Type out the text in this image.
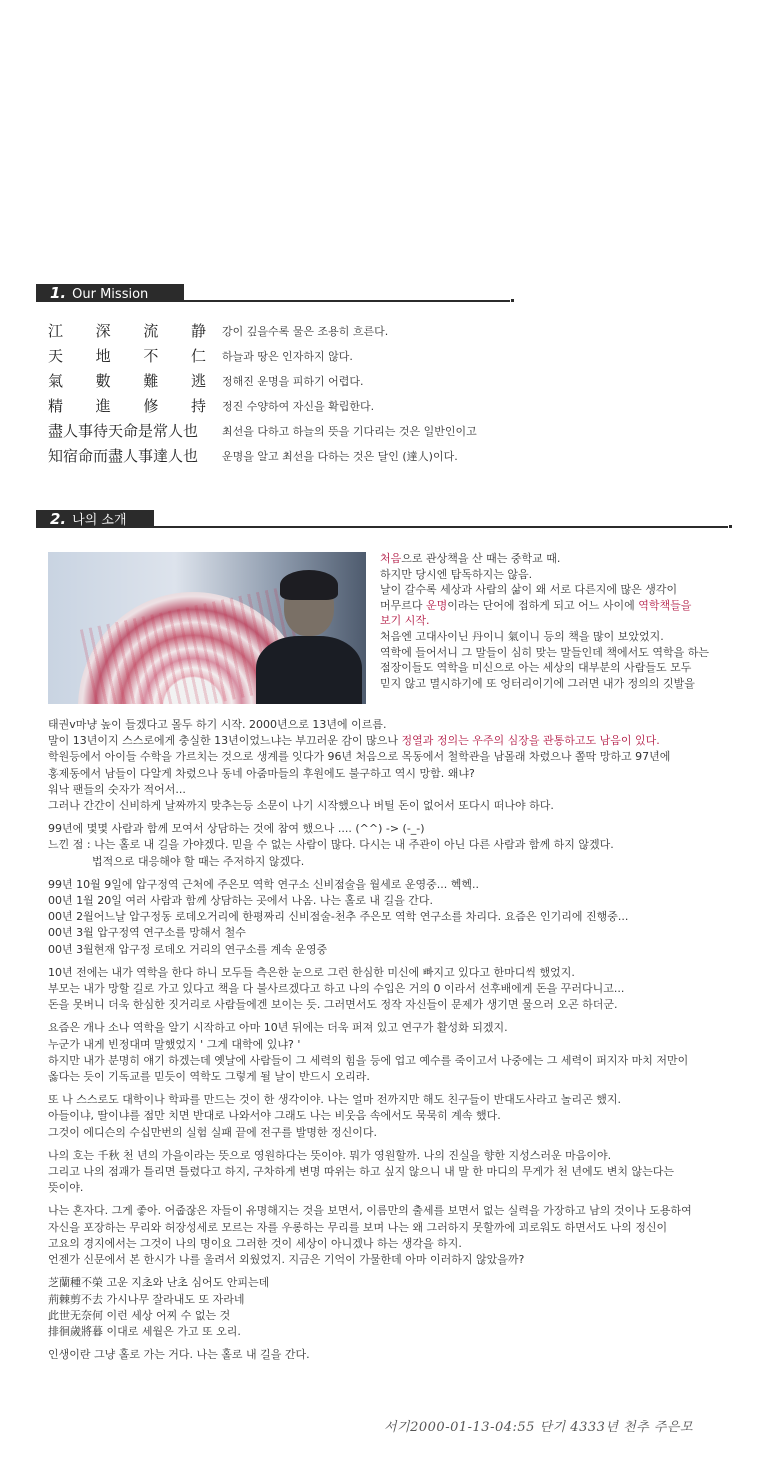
1. Our Mission
江 深 流 静 강이 깊을수록 물은 조용히 흐른다.
天 地 不 仁 하늘과 땅은 인자하지 않다.
氣 數 難 逃 정해진 운명을 피하기 어렵다.
精 進 修 持 정진 수양하여 자신을 확립한다.
盡人事待天命是常人也	최선을 다하고 하늘의 뜻을 기다리는 것은 일반인이고
知宿命而盡人事達人也	운명을 알고 최선을 다하는 것은 달인 (達人)이다.
2. 나의 소개

처음으로 관상책을 산 때는 중학교 때.

하지만 당시엔 탐독하지는 않음.

날이 갈수록 세상과 사람의 삶이 왜 서로 다른지에 많은 생각이

머무르다 운명이라는 단어에 접하게 되고 어느 사이에 역학책들을

보기 시작.

처음엔 고대사이닌 丹이니 氣이니 등의 책을 많이 보았었지.

역학에 들어서니 그 말들이 심히 맞는 말들인데 책에서도 역학을 하는

점장이들도 역학을 미신으로 아는 세상의 대부분의 사람들도 모두

믿지 않고 멸시하기에 또 엉터리이기에 그러면 내가 정의의 깃발을

태권v마냥 높이 들겠다고 몰두 하기 시작. 2000년으로 13년에 이르름.
말이 13년이지 스스로에게 충실한 13년이었느냐는 부끄러운 감이 많으나 정열과 정의는 우주의 심장을 관통하고도 남음이 있다.
학원등에서 아이들 수학을 가르치는 것으로 생계를 잇다가 96년 처음으로 목동에서 철학관을 남몰래 차렸으나 쫄딱 망하고 97년에
홍제동에서 남들이 다알게 차렸으나 동네 아줌마들의 후원에도 불구하고 역시 망함. 왜냐?
워낙 팬들의 숫자가 적어서...
그러나 간간이 신비하게 날짜까지 맞추는등 소문이 나기 시작했으나 버틸 돈이 없어서 또다시 떠나야 하다.
99년에 몇몇 사람과 함께 모여서 상담하는 것에 참여 했으나 .... (^^) -> (-_-)
느낀 점 : 나는 홀로 내 길을 가야겠다. 믿을 수 없는 사람이 많다. 다시는 내 주관이 아닌 다른 사람과 함께 하지 않겠다.
법적으로 대응해야 할 때는 주저하지 않겠다.
99년 10월 9일에 압구정역 근처에 주은모 역학 연구소 신비점술을 월세로 운영중... 헥헥..
00년 1월 20일 여러 사람과 함께 상담하는 곳에서 나옴. 나는 홀로 내 길을 간다.
00년 2월어느날 압구정동 로데오거리에 한평짜리 신비점술-천추 주은모 역학 연구소를 차리다. 요즘은 인기리에 진행중...
00년 3월 압구정역 연구소를 망해서 철수
00년 3월현재 압구정 로데오 거리의 연구소를 계속 운영중
10년 전에는 내가 역학을 한다 하니 모두들 측은한 눈으로 그런 한심한 미신에 빠지고 있다고 한마디씩 했었지.
부모는 내가 망할 길로 가고 있다고 책을 다 불사르겠다고 하고 나의 수입은 거의 0 이라서 선후배에게 돈을 꾸러다니고...
돈을 못버니 더욱 한심한 짓거리로 사람들에겐 보이는 듯. 그러면서도 정작 자신들이 문제가 생기면 물으러 오곤 하더군.
요즘은 개나 소나 역학을 알기 시작하고 아마 10년 뒤에는 더욱 퍼져 있고 연구가 활성화 되겠지.
누군가 내게 빈정대며 말했었지 ' 그게 대학에 있냐? '
하지만 내가 분명히 얘기 하겠는데 옛날에 사람들이 그 세력의 힘을 등에 업고 예수를 죽이고서 나중에는 그 세력이 퍼지자 마치 저만이
옳다는 듯이 기독교를 믿듯이 역학도 그렇게 될 날이 반드시 오리라.
또 나 스스로도 대학이나 학파를 만드는 것이 한 생각이야. 나는 얼마 전까지만 해도 친구들이 반대도사라고 놀리곤 했지.
아들이냐, 딸이냐를 점만 치면 반대로 나와서야 그래도 나는 비웃음 속에서도 묵묵히 계속 했다.
그것이 에디슨의 수십만번의 실험 실패 끝에 전구를 발명한 정신이다.
나의 호는 千秋 천 년의 가을이라는 뜻으로 영원하다는 뜻이야. 뭐가 영원할까. 나의 진실을 향한 지성스러운 마음이야.
그리고 나의 점괘가 틀리면 틀렸다고 하지, 구차하게 변명 따위는 하고 싶지 않으니 내 말 한 마디의 무게가 천 년에도 변치 않는다는
뜻이야.
나는 혼자다. 그게 좋아. 어줍잖은 자들이 유명해지는 것을 보면서, 이름만의 출세를 보면서 없는 실력을 가장하고 남의 것이나 도용하여
자신을 포장하는 무리와 허장성세로 모르는 자를 우롱하는 무리를 보며 나는 왜 그러하지 못할까에 괴로워도 하면서도 나의 정신이
고요의 경지에서는 그것이 나의 명이요 그러한 것이 세상이 아니겠나 하는 생각을 하지.
언젠가 신문에서 본 한시가 나를 울려서 외웠었지. 지금은 기억이 가물한데 아마 이러하지 않았을까?
芝蘭種不榮 고운 지초와 난초 심어도 안피는데
荊棘剪不去 가시나무 잘라내도 또 자라네
此世无奈何 이런 세상 어찌 수 없는 것
排徊歲將暮 이대로 세월은 가고 또 오리.
인생이란 그냥 홀로 가는 거다. 나는 홀로 내 길을 간다.
서기2000-01-13-04:55 단기 4333년 천추 주은모
